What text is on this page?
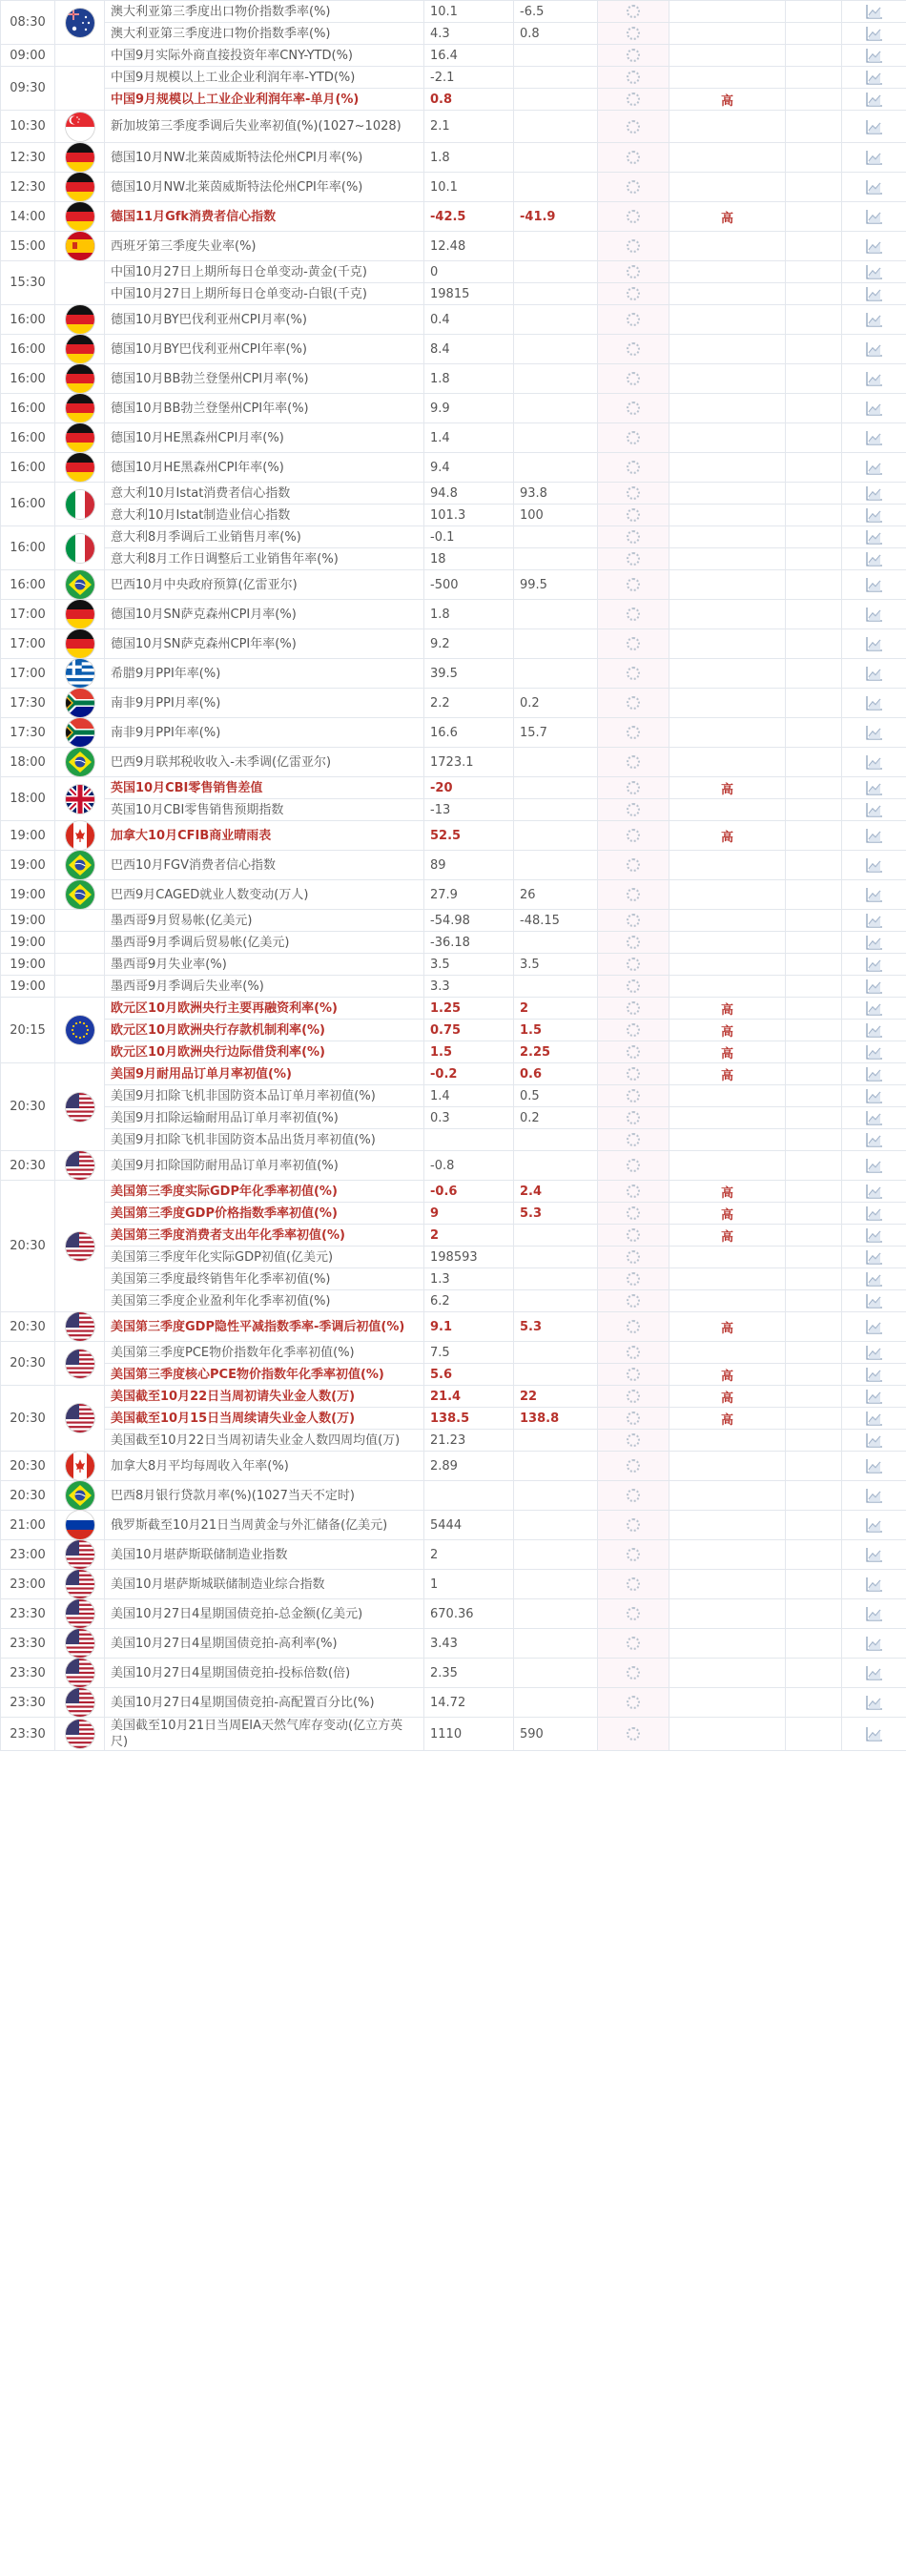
08:30		澳大利亚第三季度出口物价指数季率(%)	10.1	-6.5				

		澳大利亚第三季度进口物价指数季率(%)	4.3	0.8				

09:00		中国9月实际外商直接投资年率CNY-YTD(%)	16.4					

09:30		中国9月规模以上工业企业利润年率-YTD(%)	-2.1					

		中国9月规模以上工业企业利润年率-单月(%)	0.8			高		

10:30		新加坡第三季度季调后失业率初值(%)(1027~1028)	2.1					

12:30		德国10月NW北莱茵威斯特法伦州CPI月率(%)	1.8					

12:30		德国10月NW北莱茵威斯特法伦州CPI年率(%)	10.1					

14:00		德国11月Gfk消费者信心指数	-42.5	-41.9		高		

15:00		西班牙第三季度失业率(%)	12.48					

15:30		中国10月27日上期所每日仓单变动-黄金(千克)	0					

		中国10月27日上期所每日仓单变动-白银(千克)	19815					

16:00		德国10月BY巴伐利亚州CPI月率(%)	0.4					

16:00		德国10月BY巴伐利亚州CPI年率(%)	8.4					

16:00		德国10月BB勃兰登堡州CPI月率(%)	1.8					

16:00		德国10月BB勃兰登堡州CPI年率(%)	9.9					

16:00		德国10月HE黑森州CPI月率(%)	1.4					

16:00		德国10月HE黑森州CPI年率(%)	9.4					

16:00		意大利10月Istat消费者信心指数	94.8	93.8				

		意大利10月Istat制造业信心指数	101.3	100				

16:00		意大利8月季调后工业销售月率(%)	-0.1					

		意大利8月工作日调整后工业销售年率(%)	18					

16:00		巴西10月中央政府预算(亿雷亚尔)	-500	99.5				

17:00		德国10月SN萨克森州CPI月率(%)	1.8					

17:00		德国10月SN萨克森州CPI年率(%)	9.2					

17:00		希腊9月PPI年率(%)	39.5					

17:30		南非9月PPI月率(%)	2.2	0.2				

17:30		南非9月PPI年率(%)	16.6	15.7				

18:00		巴西9月联邦税收收入-未季调(亿雷亚尔)	1723.1					

18:00		英国10月CBI零售销售差值	-20			高		

		英国10月CBI零售销售预期指数	-13					

19:00		加拿大10月CFIB商业晴雨表	52.5			高		

19:00		巴西10月FGV消费者信心指数	89					

19:00		巴西9月CAGED就业人数变动(万人)	27.9	26				

19:00		墨西哥9月贸易帐(亿美元)	-54.98	-48.15				

19:00		墨西哥9月季调后贸易帐(亿美元)	-36.18					

19:00		墨西哥9月失业率(%)	3.5	3.5				

19:00		墨西哥9月季调后失业率(%)	3.3					

20:15		欧元区10月欧洲央行主要再融资利率(%)	1.25	2		高		

		欧元区10月欧洲央行存款机制利率(%)	0.75	1.5		高		

		欧元区10月欧洲央行边际借贷利率(%)	1.5	2.25		高		

20:30		美国9月耐用品订单月率初值(%)	-0.2	0.6		高		

		美国9月扣除飞机非国防资本品订单月率初值(%)	1.4	0.5				

		美国9月扣除运输耐用品订单月率初值(%)	0.3	0.2				

		美国9月扣除飞机非国防资本品出货月率初值(%)						

20:30		美国9月扣除国防耐用品订单月率初值(%)	-0.8					

20:30		美国第三季度实际GDP年化季率初值(%)	-0.6	2.4		高		

		美国第三季度GDP价格指数季率初值(%)	9	5.3		高		

		美国第三季度消费者支出年化季率初值(%)	2			高		

		美国第三季度年化实际GDP初值(亿美元)	198593					

		美国第三季度最终销售年化季率初值(%)	1.3					

		美国第三季度企业盈利年化季率初值(%)	6.2					

20:30		美国第三季度GDP隐性平减指数季率-季调后初值(%)	9.1	5.3		高		

20:30		美国第三季度PCE物价指数年化季率初值(%)	7.5					

		美国第三季度核心PCE物价指数年化季率初值(%)	5.6			高		

20:30		美国截至10月22日当周初请失业金人数(万)	21.4	22		高		

		美国截至10月15日当周续请失业金人数(万)	138.5	138.8		高		

		美国截至10月22日当周初请失业金人数四周均值(万)	21.23					

20:30		加拿大8月平均每周收入年率(%)	2.89					

20:30		巴西8月银行贷款月率(%)(1027当天不定时)						

21:00		俄罗斯截至10月21日当周黄金与外汇储备(亿美元)	5444					

23:00		美国10月堪萨斯联储制造业指数	2					

23:00		美国10月堪萨斯城联储制造业综合指数	1					

23:30		美国10月27日4星期国债竞拍-总金额(亿美元)	670.36					

23:30		美国10月27日4星期国债竞拍-高利率(%)	3.43					

23:30		美国10月27日4星期国债竞拍-投标倍数(倍)	2.35					

23:30		美国10月27日4星期国债竞拍-高配置百分比(%)	14.72					

23:30		美国截至10月21日当周EIA天然气库存变动(亿立方英尺)	1110	590				
